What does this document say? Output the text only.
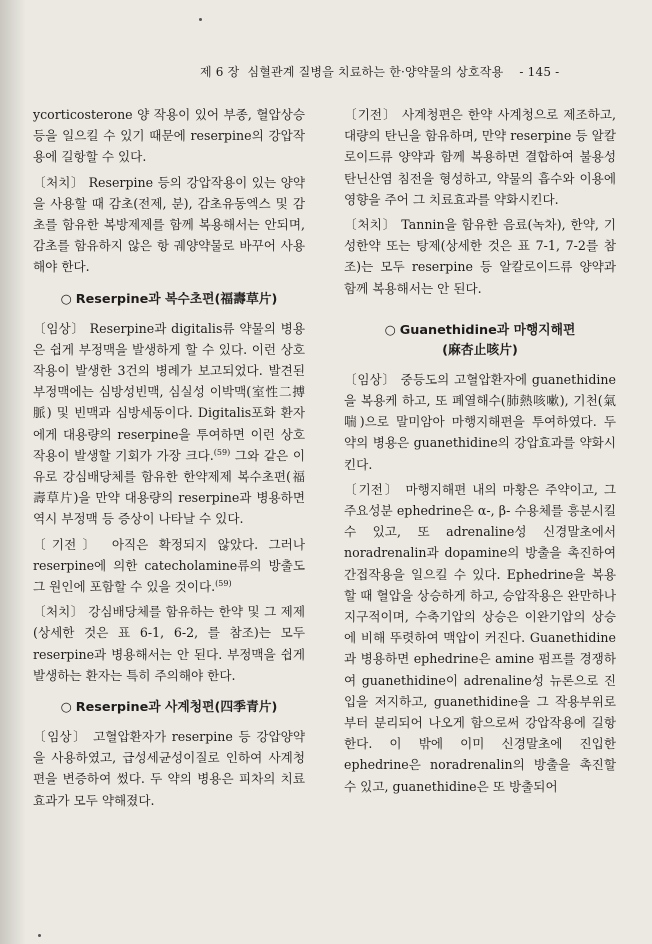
제 6 장 심혈관계 질병을 치료하는 한·양약물의 상호작용 - 145 -

ycorticosterone 양 작용이 있어 부종, 혈압상승 등을 일으킬 수 있기 때문에 reserpine의 강압작용에 길항할 수 있다.

〔처치〕 Reserpine 등의 강압작용이 있는 양약을 사용할 때 감초(전제, 분), 감초유동엑스 및 감초를 함유한 복방제제를 함께 복용해서는 안되며, 감초를 함유하지 않은 항 궤양약물로 바꾸어 사용해야 한다.

○ Reserpine과 복수초편(福壽草片)

〔임상〕 Reserpine과 digitalis류 약물의 병용은 쉽게 부정맥을 발생하게 할 수 있다. 이런 상호작용이 발생한 3건의 병례가 보고되었다. 발견된 부정맥에는 심방성빈맥, 심실성 이박맥(室性二搏脈) 및 빈맥과 심방세동이다. Digitalis포화 환자에게 대용량의 reserpine을 투여하면 이런 상호작용이 발생할 기회가 가장 크다.$^{(59)}$ 그와 같은 이유로 강심배당체를 함유한 한약제제 복수초편(福壽草片)을 만약 대용량의 reserpine과 병용하면 역시 부정맥 등 증상이 나타날 수 있다.

〔기전〕 아직은 확정되지 않았다. 그러나 reserpine에 의한 catecholamine류의 방출도 그 원인에 포함할 수 있을 것이다.$^{(59)}$

〔처치〕 강심배당체를 함유하는 한약 및 그 제제(상세한 것은 표 6-1, 6-2, 를 참조)는 모두 reserpine과 병용해서는 안 된다. 부정맥을 쉽게 발생하는 환자는 특히 주의해야 한다.

○ Reserpine과 사계청편(四季青片)

〔임상〕 고혈압환자가 reserpine 등 강압양약을 사용하였고, 급성세균성이질로 인하여 사계청편을 변증하여 썼다. 두 약의 병용은 피차의 치료효과가 모두 약해졌다.

〔기전〕 사계청편은 한약 사계청으로 제조하고, 대량의 탄닌을 함유하며, 만약 reserpine 등 알칼로이드류 양약과 함께 복용하면 결합하여 불용성탄닌산염 침전을 형성하고, 약물의 흡수와 이용에 영향을 주어 그 치료효과를 약화시킨다.

〔처치〕 Tannin을 함유한 음료(녹차), 한약, 기성한약 또는 탕제(상세한 것은 표 7-1, 7-2를 참조)는 모두 reserpine 등 알칼로이드류 양약과 함께 복용해서는 안 된다.

○ Guanethidine과 마행지해편
(麻杏止咳片)

〔임상〕 중등도의 고혈압환자에 guanethidine을 복용케 하고, 또 폐열해수(肺熱咳嗽), 기천(氣喘)으로 말미암아 마행지해편을 투여하였다. 두 약의 병용은 guanethidine의 강압효과를 약화시킨다.

〔기전〕 마행지해편 내의 마황은 주약이고, 그 주요성분 ephedrine은 α-, β- 수용체를 흥분시킬 수 있고, 또 adrenaline성 신경말초에서 noradrenalin과 dopamine의 방출을 촉진하여 간접작용을 일으킬 수 있다. Ephedrine을 복용할 때 혈압을 상승하게 하고, 승압작용은 완만하나 지구적이며, 수축기압의 상승은 이완기압의 상승에 비해 뚜렷하여 맥압이 커진다. Guanethidine과 병용하면 ephedrine은 amine 펌프를 경쟁하여 guanethidine이 adrenaline성 뉴론으로 진입을 저지하고, guanethidine을 그 작용부위로부터 분리되어 나오게 함으로써 강압작용에 길항한다. 이 밖에 이미 신경말초에 진입한 ephedrine은 noradrenalin의 방출을 촉진할 수 있고, guanethidine은 또 방출되어
